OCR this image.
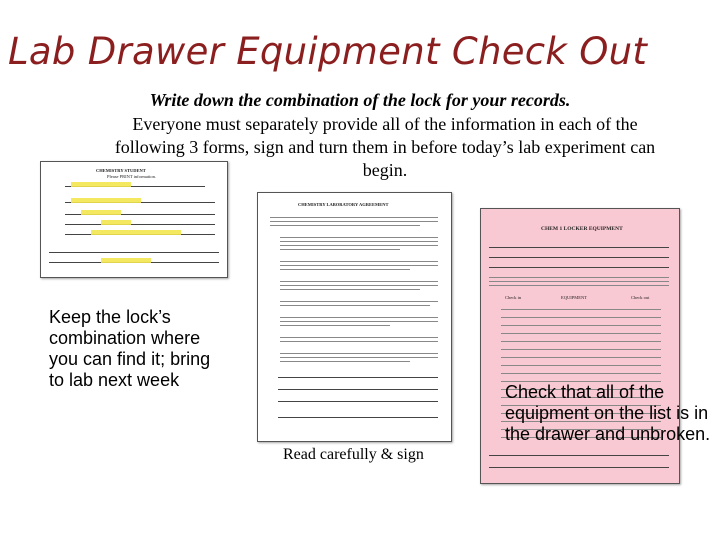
Lab Drawer Equipment Check Out
Write down the combination of the lock for your records.
Everyone must separately provide all of the information in each of the following 3 forms, sign and turn them in before today’s lab experiment can begin.
CHEMISTRY STUDENT
Please PRINT information.
CHEMISTRY LABORATORY AGREEMENT
CHEM 1 LOCKER EQUIPMENT
Check in	EQUIPMENT	Check out
Keep the lock’s combination where you can find it; bring to lab next week
Read carefully & sign
Check that all of the equipment on the list is in the drawer and unbroken.
